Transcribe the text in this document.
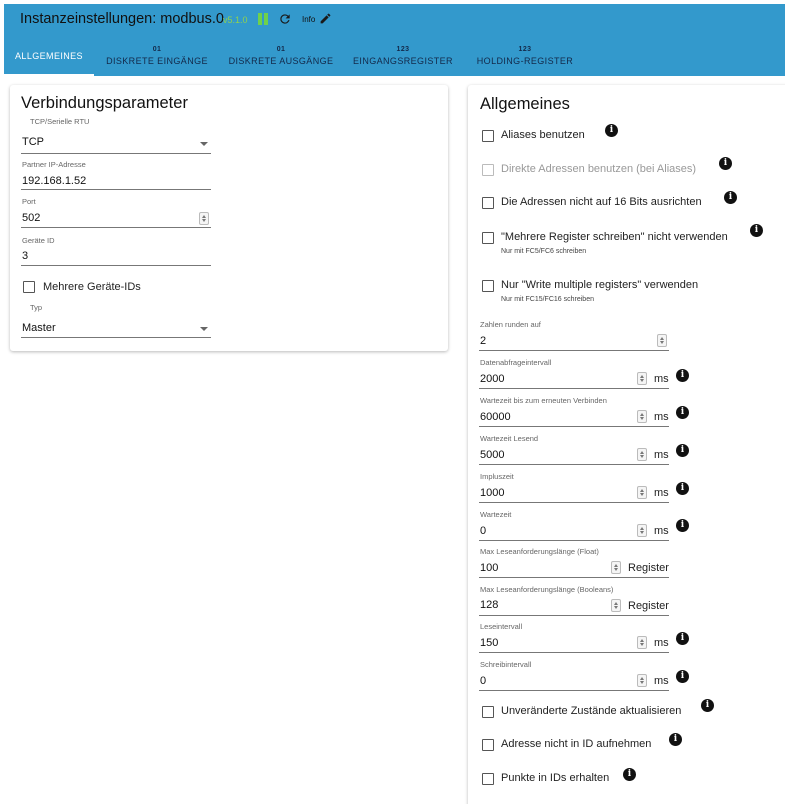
Instanzeinstellungen: modbus.0 v5.1.0	Info
ALLGEMEINES
01
DISKRETE EINGÄNGE
01
DISKRETE AUSGÄNGE
123
EINGANGSREGISTER
123
HOLDING-REGISTER
Verbindungsparameter
TCP/Serielle RTU
TCP
Partner IP-Adresse
192.168.1.52
Port
502
Geräte ID
3
Mehrere Geräte-IDs
Typ
Master
Allgemeines
Aliases benutzen	i
Direkte Adressen benutzen (bei Aliases)	i
Die Adressen nicht auf 16 Bits ausrichten	i
"Mehrere Register schreiben" nicht verwenden
Nur mit FC5/FC6 schreiben
i
Nur "Write multiple registers" verwenden
Nur mit FC15/FC16 schreiben
Zahlen runden auf
2
Datenabfrageintervall
2000	ms	i
Wartezeit bis zum erneuten Verbinden
60000	ms	i
Wartezeit Lesend
5000	ms	i
Impluszeit
1000	ms	i
Wartezeit
0	ms	i
Max Leseanforderungslänge (Float)
100	Register
Max Leseanforderungslänge (Booleans)
128	Register
Leseintervall
150	ms	i
Schreibintervall
0	ms	i
Unveränderte Zustände aktualisieren	i
Adresse nicht in ID aufnehmen	i
Punkte in IDs erhalten	i
